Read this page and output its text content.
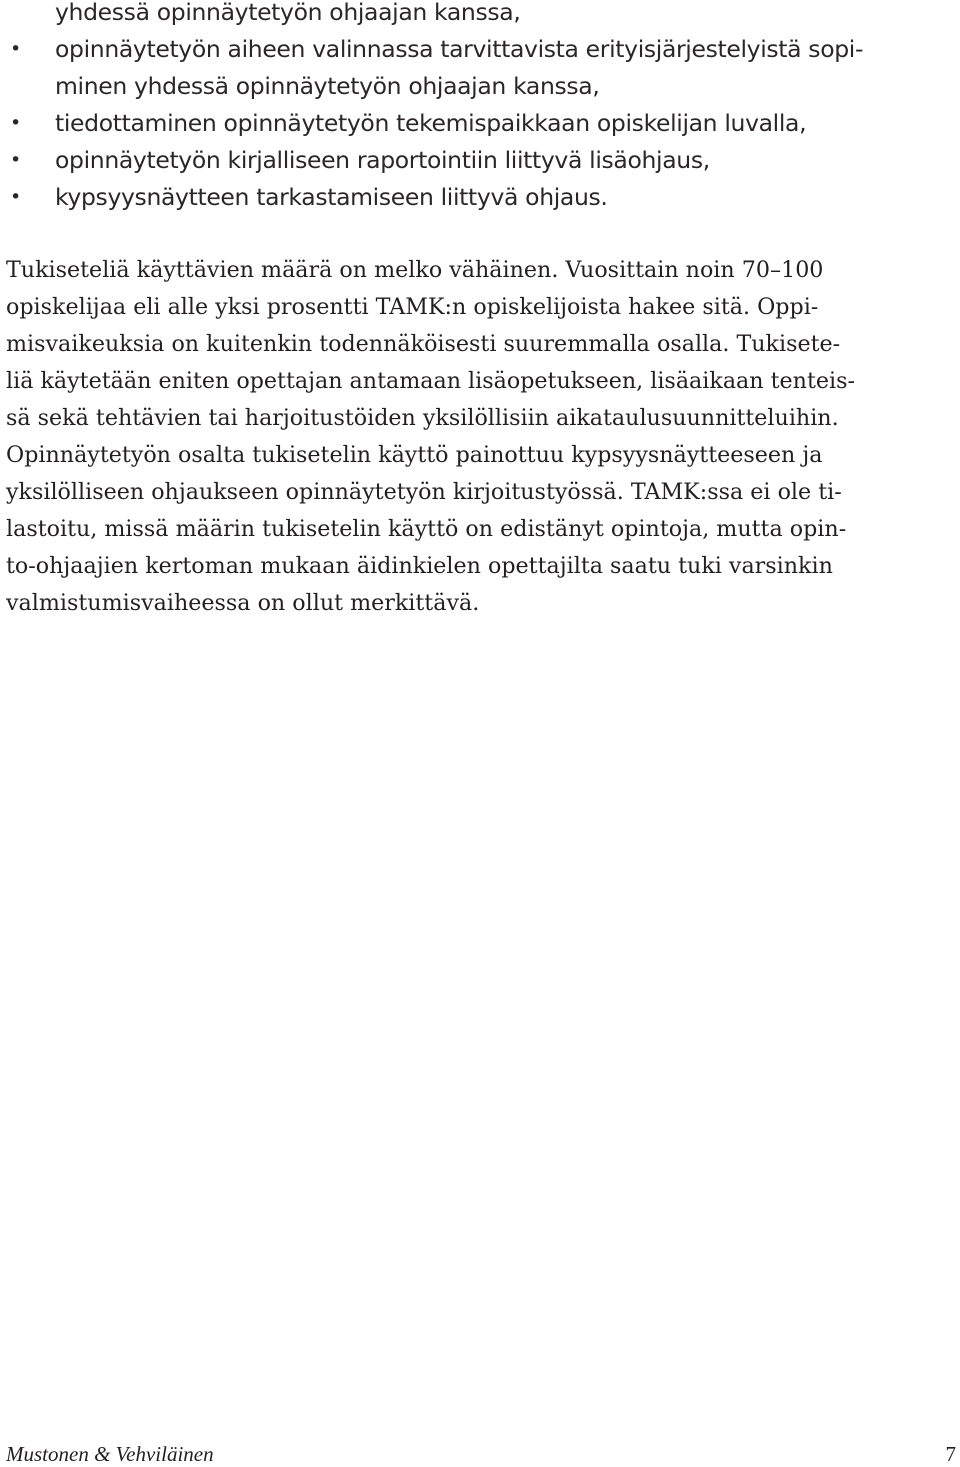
yhdessä opinnäytetyön ohjaajan kanssa,
• opinnäytetyön aiheen valinnassa tarvittavista erityisjärjestelyistä sopi-
minen yhdessä opinnäytetyön ohjaajan kanssa,
• tiedottaminen opinnäytetyön tekemispaikkaan opiskelijan luvalla,
• opinnäytetyön kirjalliseen raportointiin liittyvä lisäohjaus,
• kypsyysnäytteen tarkastamiseen liittyvä ohjaus.
Tukiseteliä käyttävien määrä on melko vähäinen. Vuosittain noin 70–100
opiskelijaa eli alle yksi prosentti TAMK:n opiskelijoista hakee sitä. Oppi-
misvaikeuksia on kuitenkin todennäköisesti suuremmalla osalla. Tukisete-
liä käytetään eniten opettajan antamaan lisäopetukseen, lisäaikaan tenteis-
sä sekä tehtävien tai harjoitustöiden yksilöllisiin aikataulusuunnitteluihin.
Opinnäytetyön osalta tukisetelin käyttö painottuu kypsyysnäytteeseen ja
yksilölliseen ohjaukseen opinnäytetyön kirjoitustyössä. TAMK:ssa ei ole ti-
lastoitu, missä määrin tukisetelin käyttö on edistänyt opintoja, mutta opin-
to-ohjaajien kertoman mukaan äidinkielen opettajilta saatu tuki varsinkin
valmistumisvaiheessa on ollut merkittävä.
Mustonen & Vehviläinen	7
